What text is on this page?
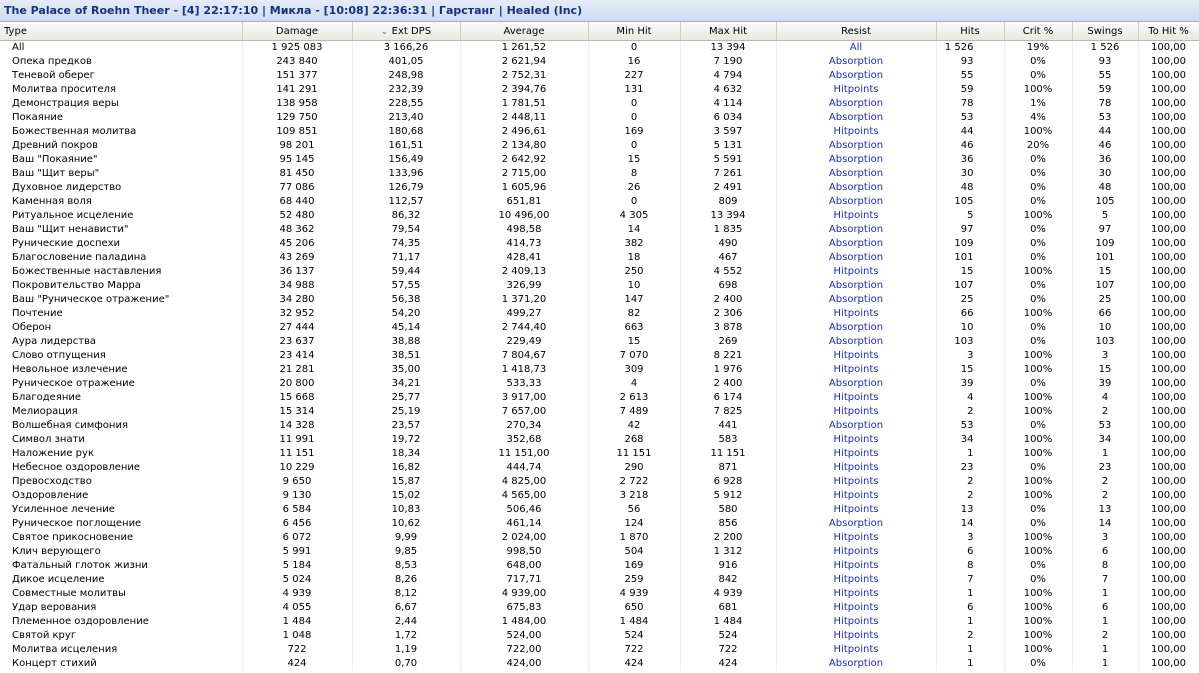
The Palace of Roehn Theer - [4] 22:17:10 | Микла - [10:08] 22:36:31 | Гарстанг | Healed (Inc)
Type	Damage	⌄ Ext DPS	Average	Min Hit	Max Hit	Resist	Hits	Crit %	Swings	To Hit %
All	1 925 083	3 166,26	1 261,52	0	13 394	All	1 526	19%	1 526	100,00
Опека предков	243 840	401,05	2 621,94	16	7 190	Absorption	93	0%	93	100,00
Теневой оберег	151 377	248,98	2 752,31	227	4 794	Absorption	55	0%	55	100,00
Молитва просителя	141 291	232,39	2 394,76	131	4 632	Hitpoints	59	100%	59	100,00
Демонстрация веры	138 958	228,55	1 781,51	0	4 114	Absorption	78	1%	78	100,00
Покаяние	129 750	213,40	2 448,11	0	6 034	Absorption	53	4%	53	100,00
Божественная молитва	109 851	180,68	2 496,61	169	3 597	Hitpoints	44	100%	44	100,00
Древний покров	98 201	161,51	2 134,80	0	5 131	Absorption	46	20%	46	100,00
Ваш "Покаяние"	95 145	156,49	2 642,92	15	5 591	Absorption	36	0%	36	100,00
Ваш "Щит веры"	81 450	133,96	2 715,00	8	7 261	Absorption	30	0%	30	100,00
Духовное лидерство	77 086	126,79	1 605,96	26	2 491	Absorption	48	0%	48	100,00
Каменная воля	68 440	112,57	651,81	0	809	Absorption	105	0%	105	100,00
Ритуальное исцеление	52 480	86,32	10 496,00	4 305	13 394	Hitpoints	5	100%	5	100,00
Ваш "Щит ненависти"	48 362	79,54	498,58	14	1 835	Absorption	97	0%	97	100,00
Рунические доспехи	45 206	74,35	414,73	382	490	Absorption	109	0%	109	100,00
Благословение паладина	43 269	71,17	428,41	18	467	Absorption	101	0%	101	100,00
Божественные наставления	36 137	59,44	2 409,13	250	4 552	Hitpoints	15	100%	15	100,00
Покровительство Марра	34 988	57,55	326,99	10	698	Absorption	107	0%	107	100,00
Ваш "Руническое отражение"	34 280	56,38	1 371,20	147	2 400	Absorption	25	0%	25	100,00
Почтение	32 952	54,20	499,27	82	2 306	Hitpoints	66	100%	66	100,00
Оберон	27 444	45,14	2 744,40	663	3 878	Absorption	10	0%	10	100,00
Аура лидерства	23 637	38,88	229,49	15	269	Absorption	103	0%	103	100,00
Слово отпущения	23 414	38,51	7 804,67	7 070	8 221	Hitpoints	3	100%	3	100,00
Невольное излечение	21 281	35,00	1 418,73	309	1 976	Hitpoints	15	100%	15	100,00
Руническое отражение	20 800	34,21	533,33	4	2 400	Absorption	39	0%	39	100,00
Благодеяние	15 668	25,77	3 917,00	2 613	6 174	Hitpoints	4	100%	4	100,00
Мелиорация	15 314	25,19	7 657,00	7 489	7 825	Hitpoints	2	100%	2	100,00
Волшебная симфония	14 328	23,57	270,34	42	441	Absorption	53	0%	53	100,00
Символ знати	11 991	19,72	352,68	268	583	Hitpoints	34	100%	34	100,00
Наложение рук	11 151	18,34	11 151,00	11 151	11 151	Hitpoints	1	100%	1	100,00
Небесное оздоровление	10 229	16,82	444,74	290	871	Hitpoints	23	0%	23	100,00
Превосходство	9 650	15,87	4 825,00	2 722	6 928	Hitpoints	2	100%	2	100,00
Оздоровление	9 130	15,02	4 565,00	3 218	5 912	Hitpoints	2	100%	2	100,00
Усиленное лечение	6 584	10,83	506,46	56	580	Hitpoints	13	0%	13	100,00
Руническое поглощение	6 456	10,62	461,14	124	856	Absorption	14	0%	14	100,00
Святое прикосновение	6 072	9,99	2 024,00	1 870	2 200	Hitpoints	3	100%	3	100,00
Клич верующего	5 991	9,85	998,50	504	1 312	Hitpoints	6	100%	6	100,00
Фатальный глоток жизни	5 184	8,53	648,00	169	916	Hitpoints	8	0%	8	100,00
Дикое исцеление	5 024	8,26	717,71	259	842	Hitpoints	7	0%	7	100,00
Совместные молитвы	4 939	8,12	4 939,00	4 939	4 939	Hitpoints	1	100%	1	100,00
Удар верования	4 055	6,67	675,83	650	681	Hitpoints	6	100%	6	100,00
Племенное оздоровление	1 484	2,44	1 484,00	1 484	1 484	Hitpoints	1	100%	1	100,00
Святой круг	1 048	1,72	524,00	524	524	Hitpoints	2	100%	2	100,00
Молитва исцеления	722	1,19	722,00	722	722	Hitpoints	1	100%	1	100,00
Концерт стихий	424	0,70	424,00	424	424	Absorption	1	0%	1	100,00
